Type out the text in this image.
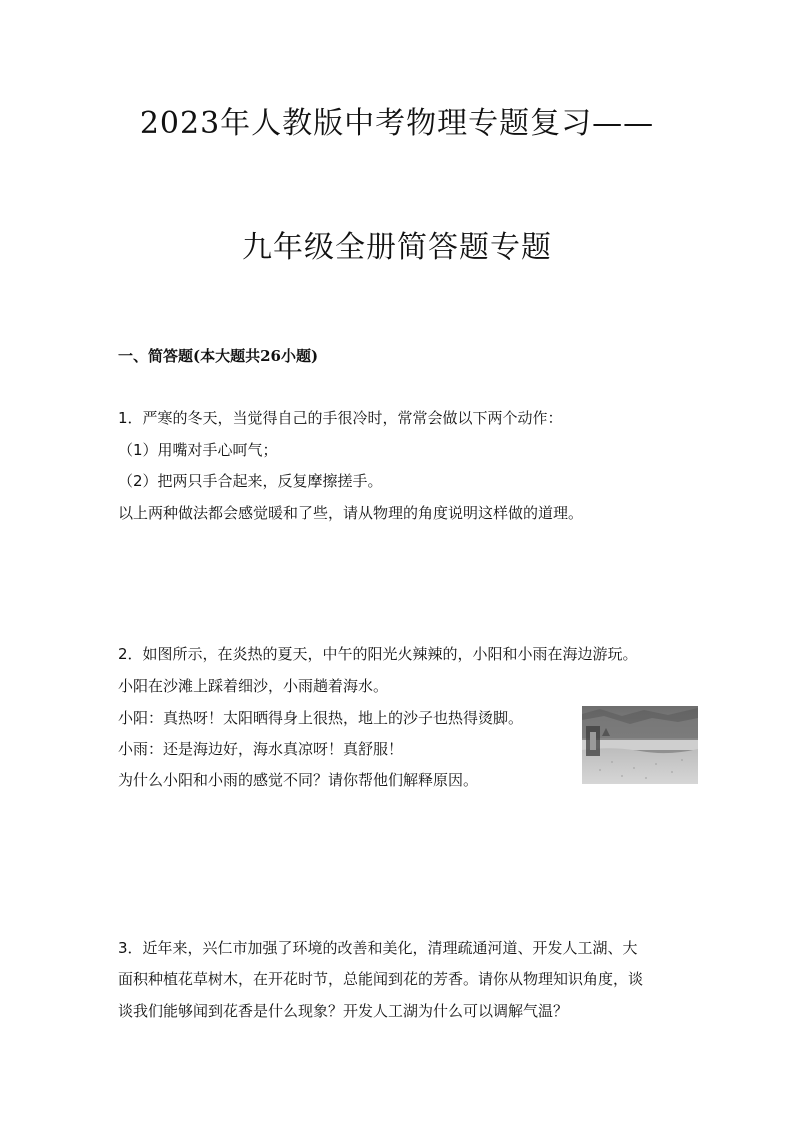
2023年人教版中考物理专题复习——
九年级全册简答题专题
一、简答题(本大题共26小题)
1．严寒的冬天，当觉得自己的手很冷时，常常会做以下两个动作：
（1）用嘴对手心呵气；
（2）把两只手合起来，反复摩擦搓手。
以上两种做法都会感觉暖和了些，请从物理的角度说明这样做的道理。
2．如图所示，在炎热的夏天，中午的阳光火辣辣的，小阳和小雨在海边游玩。
小阳在沙滩上踩着细沙，小雨趟着海水。
小阳：真热呀！太阳晒得身上很热，地上的沙子也热得烫脚。
小雨：还是海边好，海水真凉呀！真舒服！
为什么小阳和小雨的感觉不同？请你帮他们解释原因。
3．近年来，兴仁市加强了环境的改善和美化，清理疏通河道、开发人工湖、大
面积种植花草树木，在开花时节，总能闻到花的芳香。请你从物理知识角度，谈
谈我们能够闻到花香是什么现象？开发人工湖为什么可以调解气温？
